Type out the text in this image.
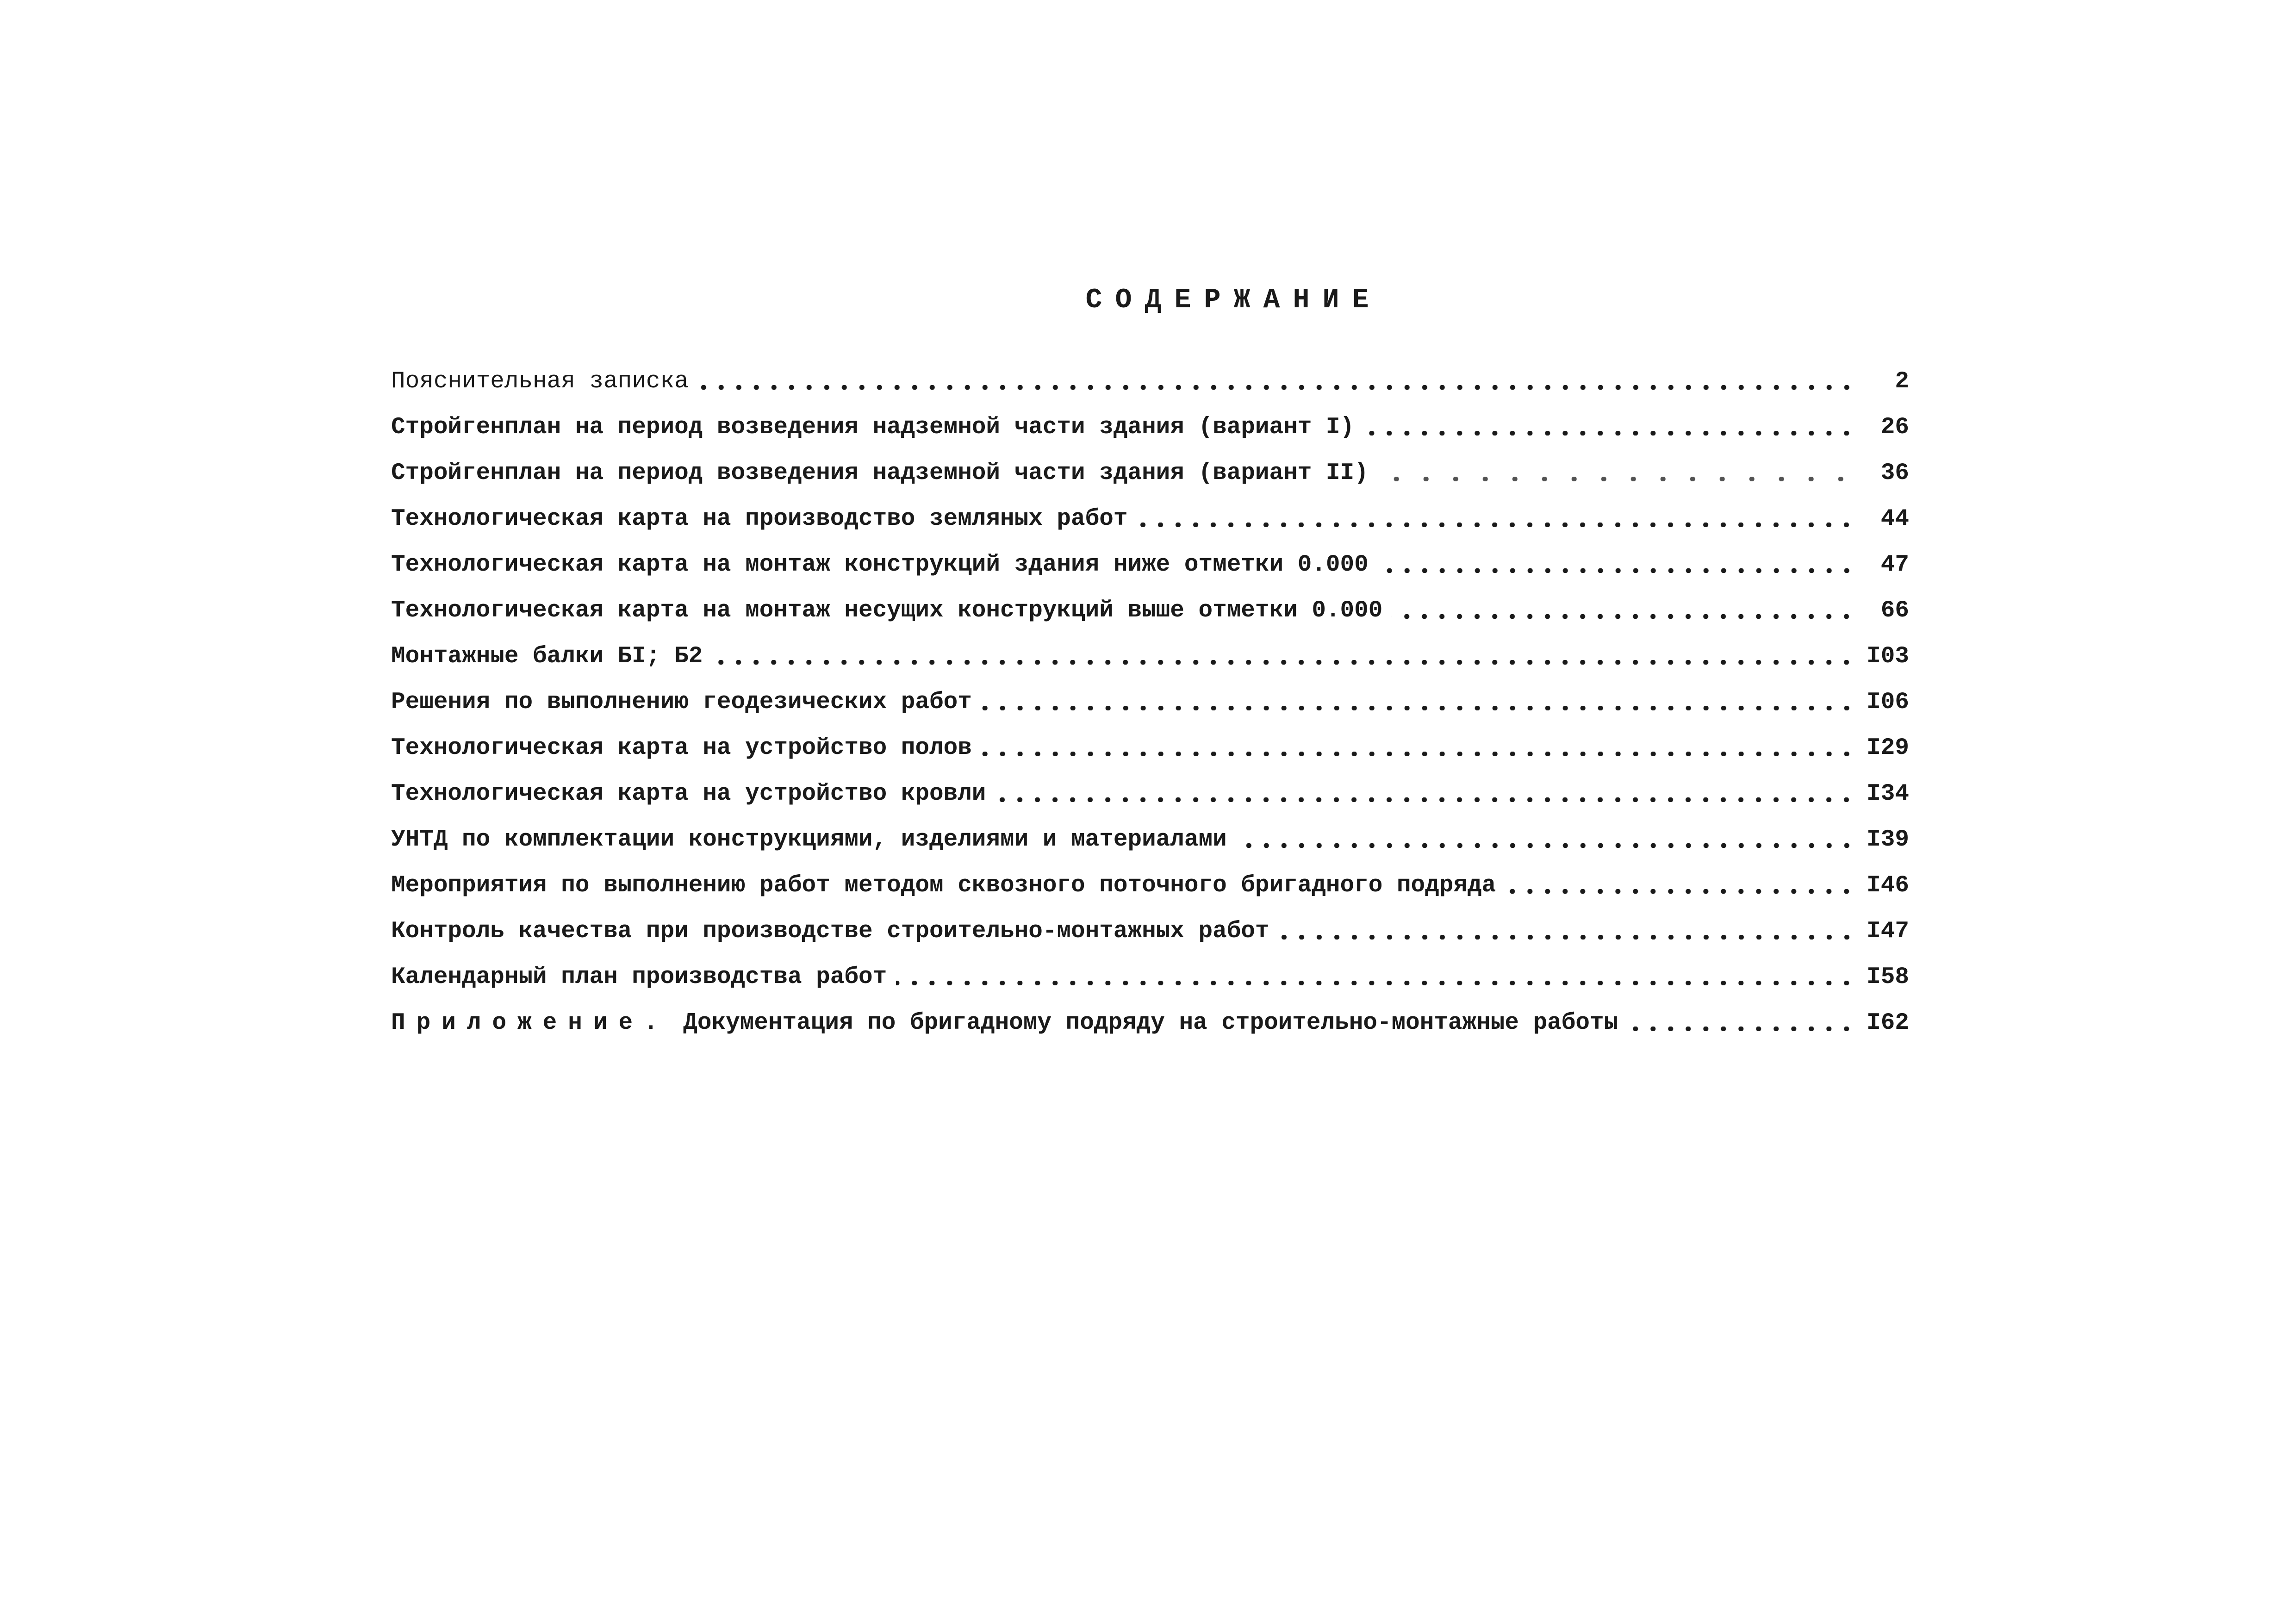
СОДЕРЖАНИЕ
Пояснительная записка	2
Стройгенплан на период возведения надземной части здания (вариант I)	26
Стройгенплан на период возведения надземной части здания (вариант II)	36
Технологическая карта на производство земляных работ	44
Технологическая карта на монтаж конструкций здания ниже отметки 0.000	47
Технологическая карта на монтаж несущих конструкций выше отметки 0.000	66
Монтажные балки БI; Б2	I03
Решения по выполнению геодезических работ	I06
Технологическая карта на устройство полов	I29
Технологическая карта на устройство кровли	I34
УНТД по комплектации конструкциями, изделиями и материалами	I39
Мероприятия по выполнению работ методом сквозного поточного бригадного подряда	I46
Контроль качества при производстве строительно-монтажных работ	I47
Календарный план производства работ	I58
Приложение. Документация по бригадному подряду на строительно-монтажные работы	I62
